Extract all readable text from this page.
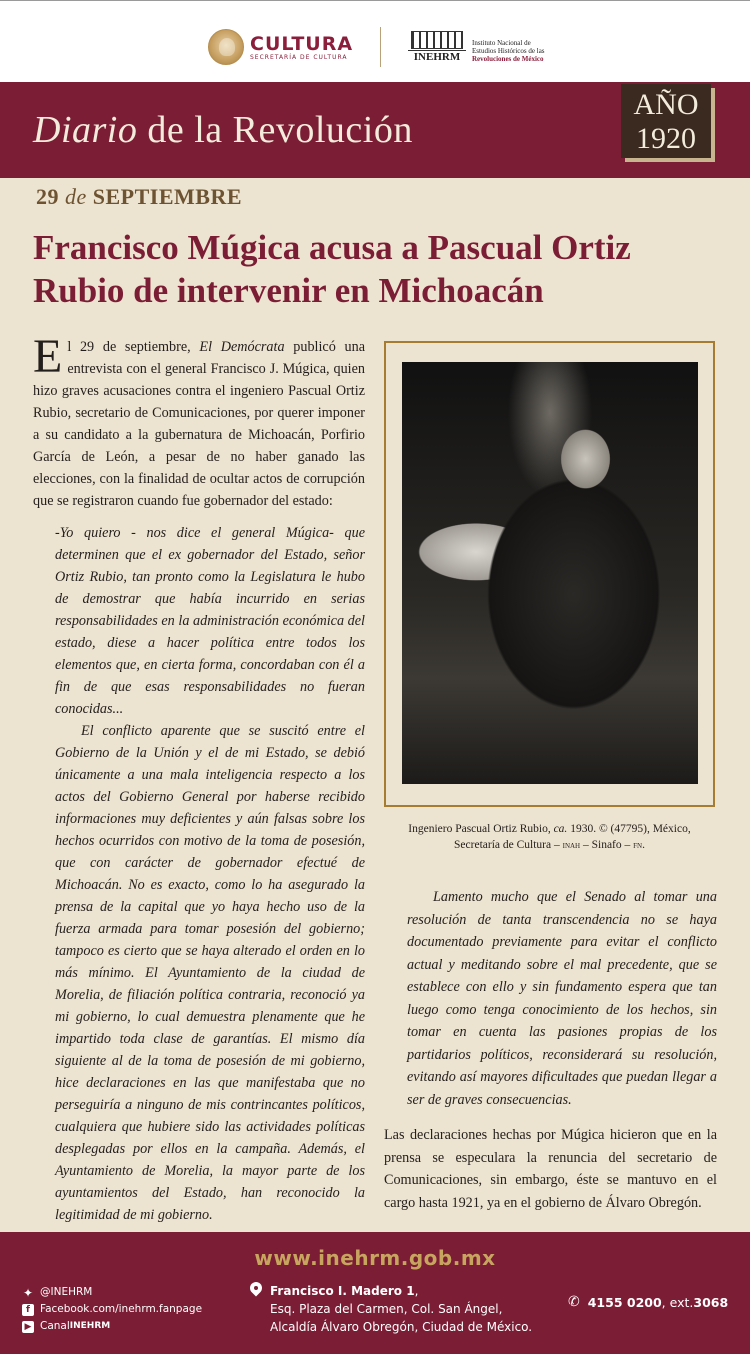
CULTURA
SECRETARÍA DE CULTURA	INEHRM
Instituto Nacional de
Estudios Históricos de las
Revoluciones de México
Diario de la Revolución
AÑO
1920
29 de SEPTIEMBRE
Francisco Múgica acusa a Pascual Ortiz Rubio de intervenir en Michoacán

El 29 de septiembre, El Demócrata publicó una entrevista con el general Francisco J. Múgica, quien hizo graves acusaciones contra el ingeniero Pascual Ortiz Rubio, secretario de Comunicaciones, por querer imponer a su candidato a la gubernatura de Michoacán, Porfirio García de León, a pesar de no haber ganado las elecciones, con la finalidad de ocultar actos de corrupción que se registraron cuando fue gobernador del estado:

-Yo quiero - nos dice el general Múgica- que determinen que el ex gobernador del Estado, señor Ortiz Rubio, tan pronto como la Legislatura le hubo de demostrar que había incurrido en serias responsabilidades en la administración económica del estado, diese a hacer política entre todos los elementos que, en cierta forma, concordaban con él a fin de que esas responsabilidades no fueran conocidas...

El conflicto aparente que se suscitó entre el Gobierno de la Unión y el de mi Estado, se debió únicamente a una mala inteligencia respecto a los actos del Gobierno General por haberse recibido informaciones muy deficientes y aún falsas sobre los hechos ocurridos con motivo de la toma de posesión, que con carácter de gobernador efectué de Michoacán. No es exacto, como lo ha asegurado la prensa de la capital que yo haya hecho uso de la fuerza armada para tomar posesión del gobierno; tampoco es cierto que se haya alterado el orden en lo más mínimo. El Ayuntamiento de la ciudad de Morelia, de filiación política contraria, reconoció ya mi gobierno, lo cual demuestra plenamente que he impartido toda clase de garantías. El mismo día siguiente al de la toma de posesión de mi gobierno, hice declaraciones en las que manifestaba que no perseguiría a ninguno de mis contrincantes políticos, cualquiera que hubiere sido las actividades políticas desplegadas por ellos en la campaña. Además, el Ayuntamiento de Morelia, la mayor parte de los ayuntamientos del Estado, han reconocido la legitimidad de mi gobierno.

Ingeniero Pascual Ortiz Rubio, ca. 1930. © (47795), México,
Secretaría de Cultura – inah – Sinafo – fn.

Lamento mucho que el Senado al tomar una resolución de tanta transcendencia no se haya documentado previamente para evitar el conflicto actual y meditando sobre el mal precedente, que se establece con ello y sin fundamento espera que tan luego como tenga conocimiento de los hechos, sin tomar en cuenta las pasiones propias de los partidarios políticos, reconsiderará su resolución, evitando así mayores dificultades que puedan llegar a ser de graves consecuencias.

Las declaraciones hechas por Múgica hicieron que en la prensa se especulara la renuncia del secretario de Comunicaciones, sin embargo, éste se mantuvo en el cargo hasta 1921, ya en el gobierno de Álvaro Obregón.

www.inehrm.gob.mx
✦ @INEHRM
f Facebook.com/inehrm.fanpage
▶ Canal INEHRM
Francisco I. Madero 1 ,
Esq. Plaza del Carmen, Col. San Ángel,
Alcaldía Álvaro Obregón, Ciudad de México.
✆ 4155 0200 , ext. 3068
